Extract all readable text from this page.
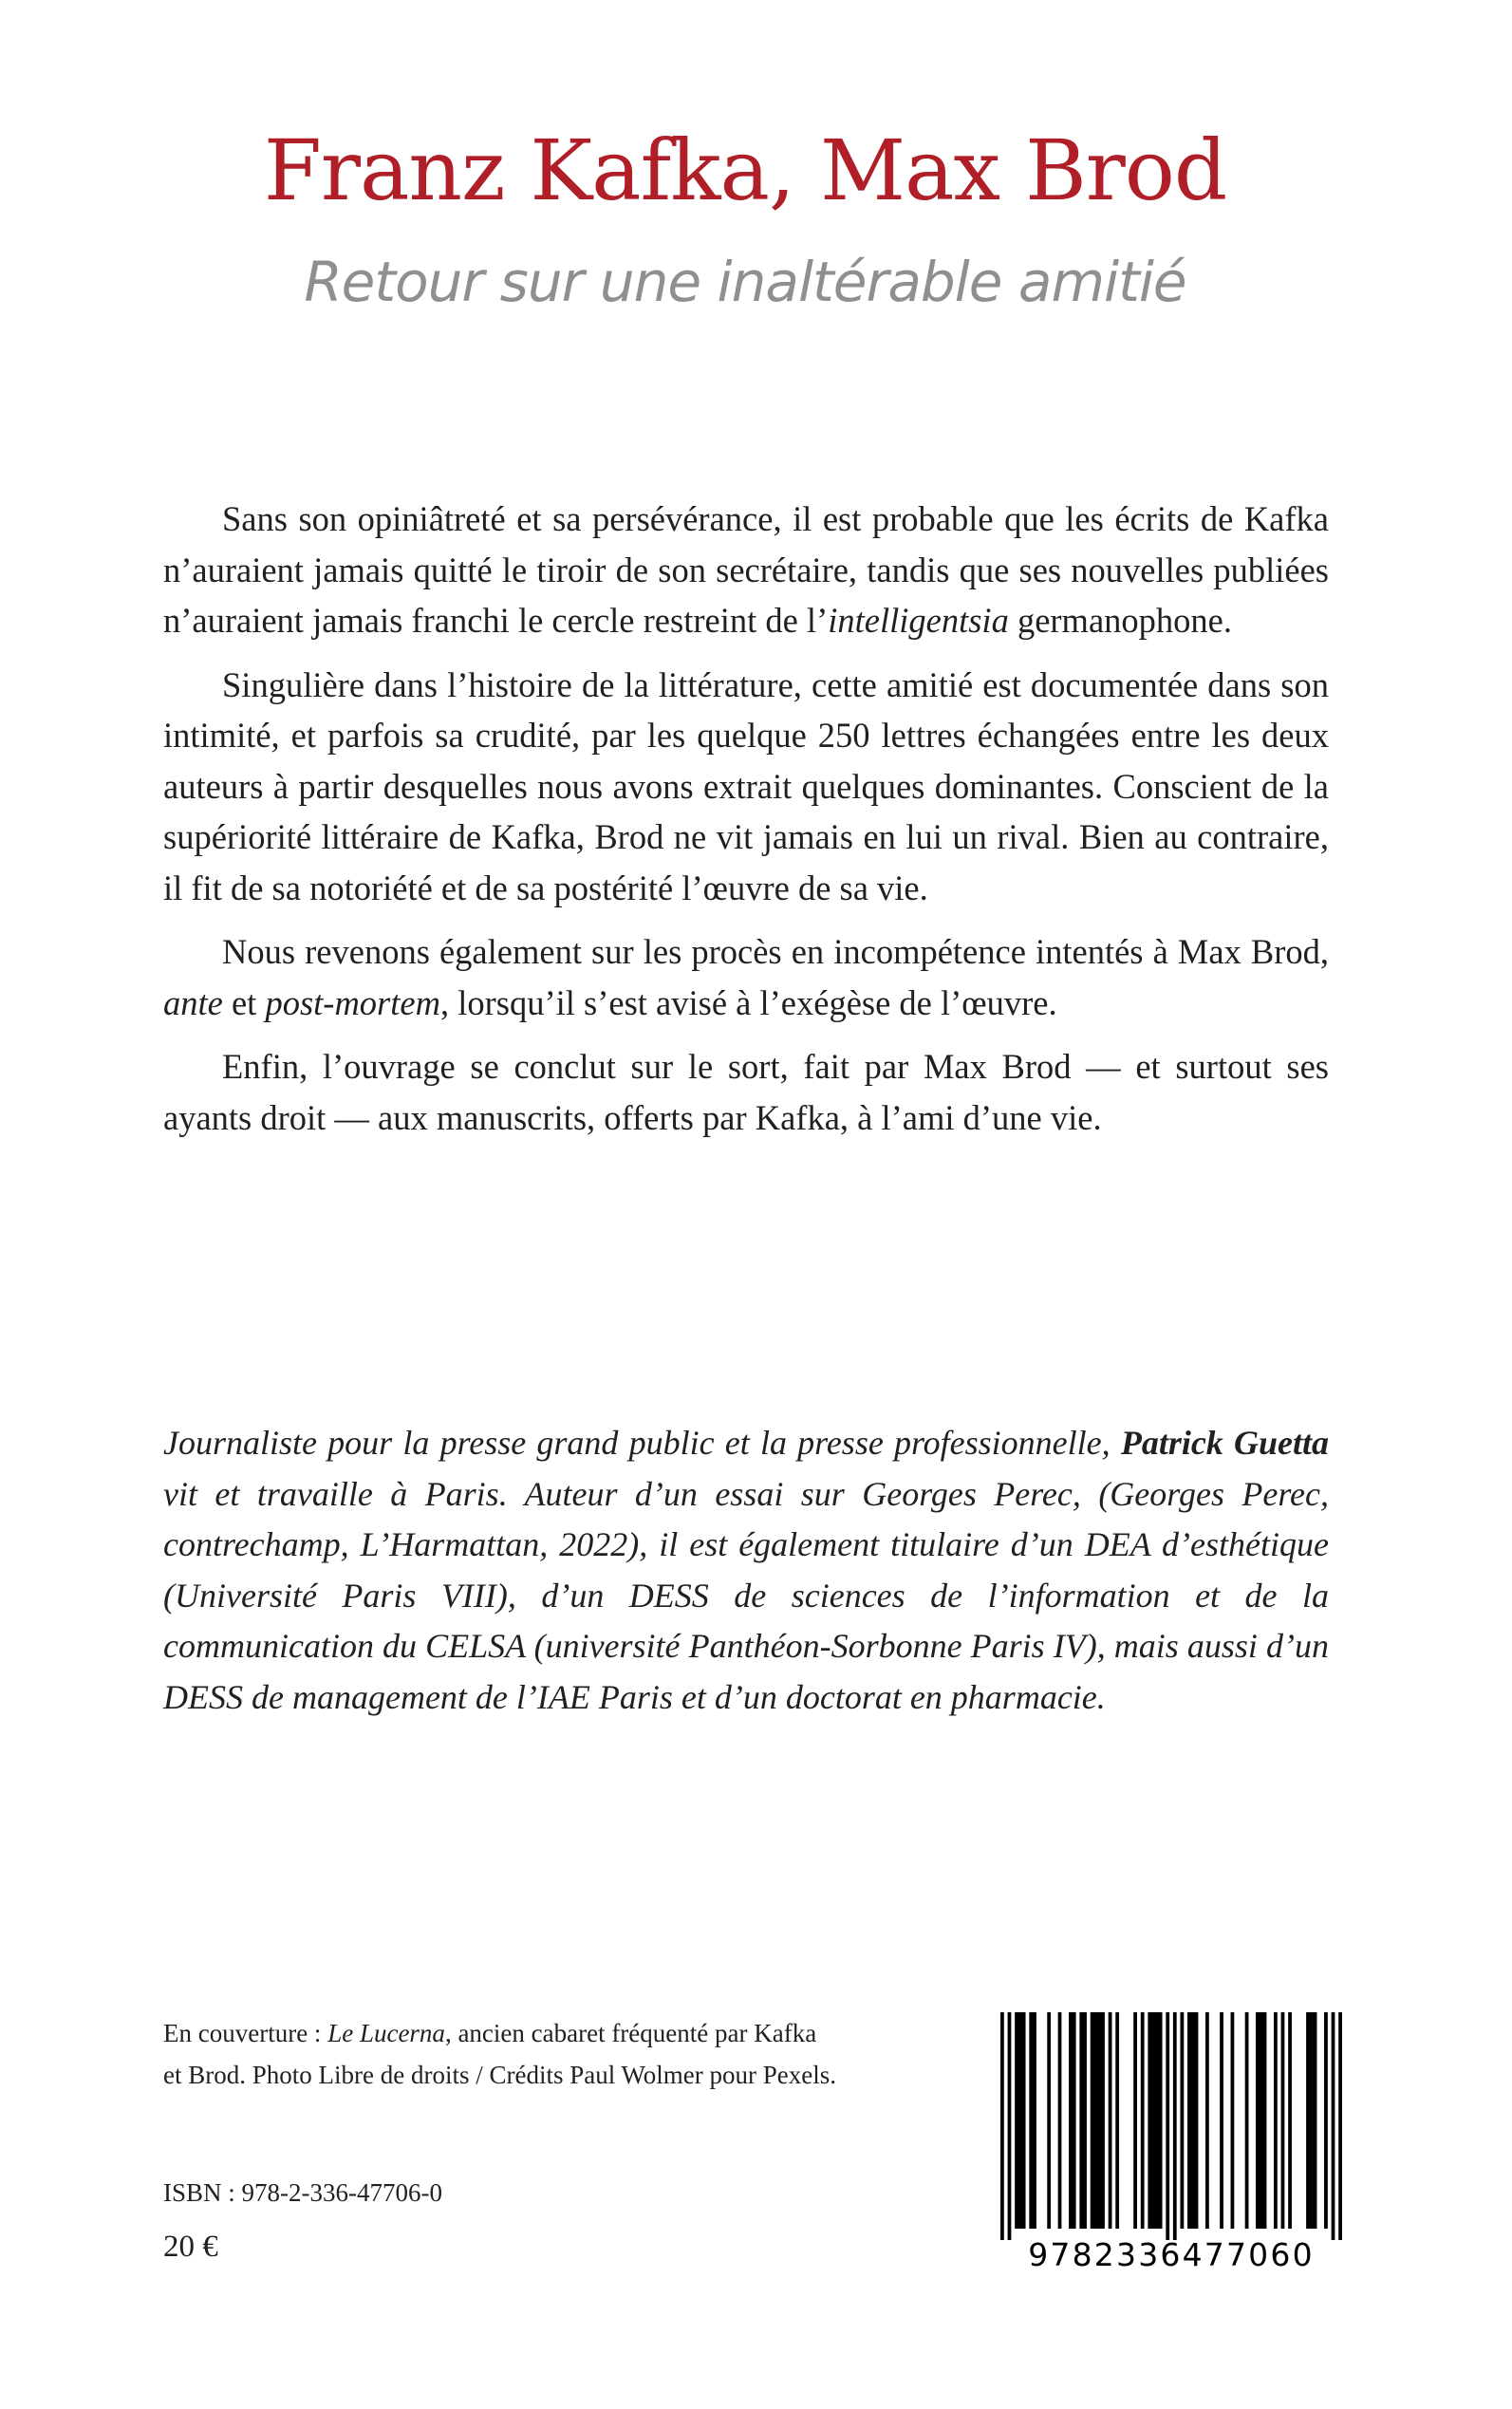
Franz Kafka, Max Brod
Retour sur une inaltérable amitié

Sans son opiniâtreté et sa persévérance, il est probable que les écrits de Kafka n’auraient jamais quitté le tiroir de son secrétaire, tandis que ses nouvelles publiées n’auraient jamais franchi le cercle restreint de l’intelligentsia germanophone.

Singulière dans l’histoire de la littérature, cette amitié est documentée dans son intimité, et parfois sa crudité, par les quelque 250 lettres échangées entre les deux auteurs à partir desquelles nous avons extrait quelques dominantes. Conscient de la supériorité littéraire de Kafka, Brod ne vit jamais en lui un rival. Bien au contraire, il fit de sa notoriété et de sa postérité l’œuvre de sa vie.

Nous revenons également sur les procès en incompétence intentés à Max Brod, ante et post-mortem, lorsqu’il s’est avisé à l’exégèse de l’œuvre.

Enfin, l’ouvrage se conclut sur le sort, fait par Max Brod — et surtout ses ayants droit — aux manuscrits, offerts par Kafka, à l’ami d’une vie.

Journaliste pour la presse grand public et la presse professionnelle, Patrick Guetta vit et travaille à Paris. Auteur d’un essai sur Georges Perec, (Georges Perec, contrechamp, L’Harmattan, 2022), il est également titulaire d’un DEA d’esthétique (Université Paris VIII), d’un DESS de sciences de l’information et de la communication du CELSA (université Panthéon-Sorbonne Paris IV), mais aussi d’un DESS de management de l’IAE Paris et d’un doctorat en pharmacie.

En couverture : Le Lucerna, ancien cabaret fréquenté par Kafka
et Brod. Photo Libre de droits / Crédits Paul Wolmer pour Pexels.
ISBN : 978-2-336-47706-0
20 €	9782336477060
